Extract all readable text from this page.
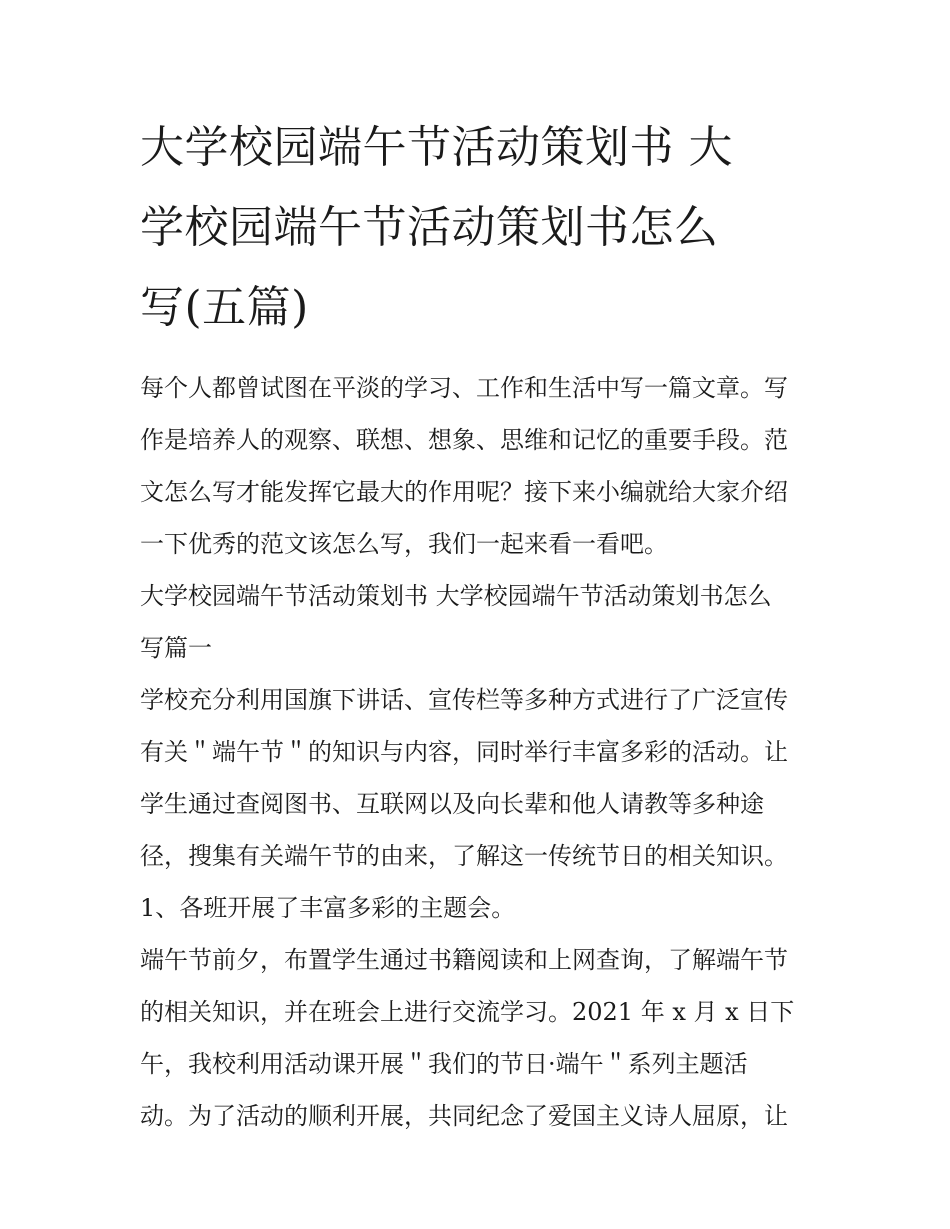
大学校园端午节活动策划书 大
学校园端午节活动策划书怎么
写(五篇)

每个人都曾试图在平淡的学习、工作和生活中写一篇文章。写
作是培养人的观察、联想、想象、思维和记忆的重要手段。范
文怎么写才能发挥它最大的作用呢？接下来小编就给大家介绍
一下优秀的范文该怎么写，我们一起来看一看吧。

大学校园端午节活动策划书 大学校园端午节活动策划书怎么
写篇一

学校充分利用国旗下讲话、宣传栏等多种方式进行了广泛宣传
有关＂端午节＂的知识与内容，同时举行丰富多彩的活动。让
学生通过查阅图书、互联网以及向长辈和他人请教等多种途
径，搜集有关端午节的由来，了解这一传统节日的相关知识。

1、各班开展了丰富多彩的主题会。

端午节前夕，布置学生通过书籍阅读和上网查询，了解端午节
的相关知识，并在班会上进行交流学习。2021 年 x 月 x 日下
午，我校利用活动课开展＂我们的节日·端午＂系列主题活
动。为了活动的顺利开展，共同纪念了爱国主义诗人屈原，让
